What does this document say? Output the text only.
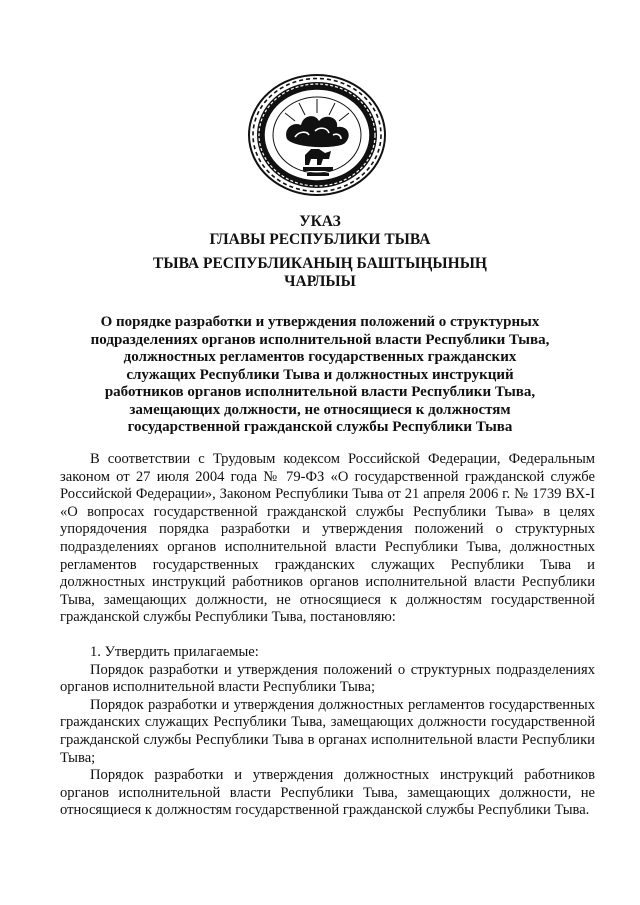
УКАЗ
ГЛАВЫ РЕСПУБЛИКИ ТЫВА
ТЫВА РЕСПУБЛИКАНЫҢ БАШТЫҢЫНЫҢ
ЧАРЛЫЫ
О порядке разработки и утверждения положений о структурных
подразделениях органов исполнительной власти Республики Тыва,
должностных регламентов государственных гражданских
служащих Республики Тыва и должностных инструкций
работников органов исполнительной власти Республики Тыва,
замещающих должности, не относящиеся к должностям
государственной гражданской службы Республики Тыва

В соответствии с Трудовым кодексом Российской Федерации, Федеральным законом от 27 июля 2004 года № 79-ФЗ «О государственной гражданской службе Российской Федерации», Законом Республики Тыва от 21 апреля 2006 г. № 1739 ВХ-I «О вопросах государственной гражданской службы Республики Тыва» в целях упорядочения порядка разработки и утверждения положений о структурных подразделениях органов исполнительной власти Республики Тыва, должностных регламентов государственных гражданских служащих Республики Тыва и должностных инструкций работников органов исполнительной власти Республики Тыва, замещающих должности, не относящиеся к должностям государственной гражданской службы Республики Тыва, постановляю:

1. Утвердить прилагаемые:

Порядок разработки и утверждения положений о структурных подразделениях органов исполнительной власти Республики Тыва;

Порядок разработки и утверждения должностных регламентов государственных гражданских служащих Республики Тыва, замещающих должности государственной гражданской службы Республики Тыва в органах исполнительной власти Республики Тыва;

Порядок разработки и утверждения должностных инструкций работников органов исполнительной власти Республики Тыва, замещающих должности, не относящиеся к должностям государственной гражданской службы Республики Тыва.
